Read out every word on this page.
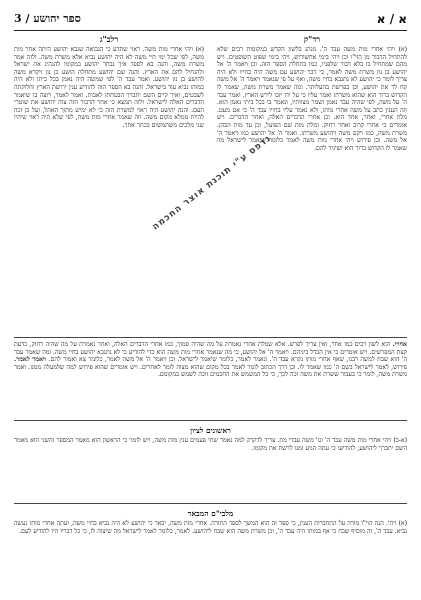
א / א
ספר יהושע / 3
רד"ק
(א) ויהי אחרי מות משה עבד ה'. מנהג בלשון הקדש במקומות רבים שלא להתחיל הדבור מן הוי"ו וכן ויהי בימי אחשורוש, ויהי בימי שפוט השופטים. ויש מהם שמתחיל בו בלא דבור שלפניו, כמו בתחלת הספר הזה. וכן ויאמר ה' אל יהושע בן נון משרת משה לאמר, כי דבר יהושע עם משה היה בחייו ולא היה צריך לומר כי יהושע לא נתנבא בחיי משה, ואף על פי שנאמר ויאמר ה' אל משה קח לך את יהושע, וכן בפרשת בהעלותך. ומה שאמר משרת משה, שאמר לו הקדוש ברוך הוא שהוא משרתו ואמר עליו כי על ידו יזכו לירש הארץ. ואמר עבד ה' על משה, לפי שהיה עבד נאמן ושמר מצוותיו, ונאמר בו בכל ביתי נאמן הוא. וזה הענין כתב על משה אחרי מותו, ולא נאמר עליו בחייו עבד ה' כי אם מעט. מלת אחרי, ואחר, אחד הוא. וכן אחרי הדברים האלה, ואחר הדברים. ויש אומרים כי אחרי קרוב ואחר רחוק. ומלת מות שם הפועל, וכן עד מות הכהן. משרת משה, כמו ויקם משה ויהושע משרתו. ואמר ה' אל יהושע כמו ויאמר ה' אל משה. וכן פירוש ויהי אחרי מות משה לאמר כלומר שיאמר לישראל מה שאמר לו הקדוש ברוך הוא ושיגיד להם.
רלב"ג
(א) ויהי אחרי מות משה. ראוי שתדע כי הנבואה שנבא יהושע היתה אחר מות משה, לפי שכל ימי חיי משה לא היה יהושע נביא אלא משרת משה. ולזה אמר משרת משה, והנה בא לספר איך נבחר יהושע במקומו להנהיג את ישראל ולהנחיל להם את הארץ. והנה שם יהושע מתחלה הושע בן נון ויקרא משה להושע בן נון יהושע. ואמר עבד ה' לפי שמשה היה נאמן בכל ביתו ולא היה כמוהו נביא עוד בישראל. והנה בא הספר הזה להודיע ענין ירושת הארץ וחלוקתה לשבטים, ואיך קיים השם יתברך הבטחתו לאבות. ואמר לאמר, רוצה בו שיאמר הדברים האלה לישראל. ולזה תמצא כי אחר הדבור הזה צוה יהושע את שוטרי העם. והנה יהושע היה ראוי למשרת הזה כי לא ימיש מתוך האהל, ועל כן זכה להיות ממלא מקום משה. וזה שאמר אחרי מות משה, לפי שלא היה ראוי שיהיו שני מלכים משתמשים בכתר אחד.
אחרי. הוא לשון רבים כמו אחר, ואין צריך לפרש. אלא שמלת אחרי נאמרת על מה שהיה סמוך, כמו אחרי הדברים האלה, ואחר נאמרת על מה שהיה רחוק, כדעת קצת המפרשים. ויש אומרים כי אין הבדל ביניהם. ויאמר ה' אל יהושע, כי מה שנאמר אחרי מות משה הוא כדי להודיע כי לא נתנבא יהושע בחיי משה. ומה שאמר עבד ה' הוא שבח למשה רבנו, שאף אחרי מותו נקרא עבד ה'. ונאמר לאמר, כלומר שיאמר לישראל. וכן ויאמר ה' אל משה לאמר, כלומר צא ואמור להם. ויאמר לאמר. פירוש, לאמר לישראל בשם ה' כמו שאמר לו. וכן דרך הכתוב לומר לאמר בכל מקום שהוא מצוה לומר לאחרים. ויש אומרים שהוא פירוש למה שלמעלה ממנו. ואמר משרת משה, לומר כי בעבור ששרת את משה זכה לכך, כי כל המשמש את החכמים זוכה לשמש במקומם.
ראשונים לציון
(א-ב) ויהי אחרי מות משה עבד ה' וגו' משה עבדי מת. צריך לדקדק למה נאמר שתי פעמים ענין מות משה, ויש לומר כי הראשון הוא מאמר המספר והשני הוא מאמר השם יתברך ליהושע, להודיעו כי עתה הגיע זמנו לרשת את מקומו.
מלבי"ם המבאר
(א) ויהי. הנה הוי"ו מורה על התחברות הענין, כי ספר זה הוא המשך לספר התורה. אחרי מות משה, יבאר כי יהושע לא היה נביא בחיי משה, ועתה אחרי מותו נעשה נביא. עבד ה', זה מוסיף שבח כי אף במותו היה עבד ה', וכן משרת משה הוא שבח ליהושע. לאמר, כלומר לאמר לישראל מה שיצוה לו, כי כל דבריו היו להודיע לעם.
נדפס ע"י תוכנת אוצר החכמה
